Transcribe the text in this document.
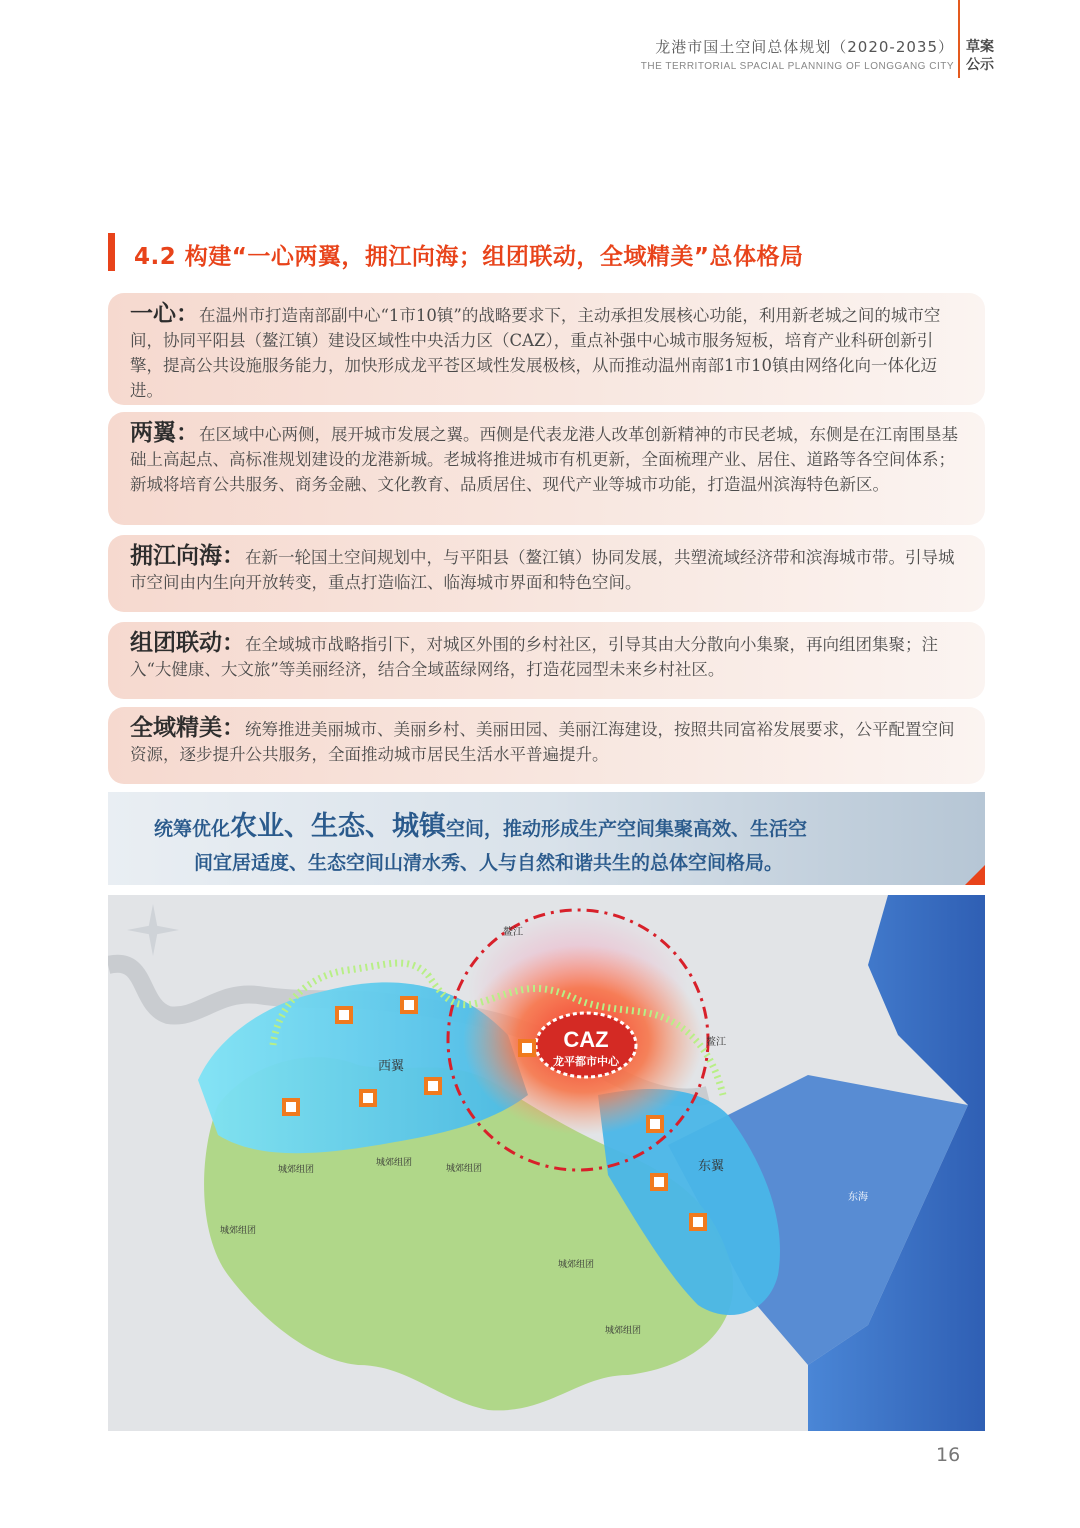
龙港市国土空间总体规划（2020-2035）
THE TERRITORIAL SPACIAL PLANNING OF LONGGANG CITY
草案
公示
4.2 构建“一心两翼，拥江向海；组团联动，全域精美”总体格局

一心：在温州市打造南部副中心“1市10镇”的战略要求下，主动承担发展核心功能，利用新老城之间的城市空间，协同平阳县（鳌江镇）建设区域性中央活力区（CAZ），重点补强中心城市服务短板，培育产业科研创新引擎，提高公共设施服务能力，加快形成龙平苍区域性发展极核，从而推动温州南部1市10镇由网络化向一体化迈进。

两翼：在区域中心两侧，展开城市发展之翼。西侧是代表龙港人改革创新精神的市民老城，东侧是在江南围垦基础上高起点、高标准规划建设的龙港新城。老城将推进城市有机更新，全面梳理产业、居住、道路等各空间体系；新城将培育公共服务、商务金融、文化教育、品质居住、现代产业等城市功能，打造温州滨海特色新区。

拥江向海：在新一轮国土空间规划中，与平阳县（鳌江镇）协同发展，共塑流域经济带和滨海城市带。引导城市空间由内生向开放转变，重点打造临江、临海城市界面和特色空间。

组团联动：在全域城市战略指引下，对城区外围的乡村社区，引导其由大分散向小集聚，再向组团集聚；注入“大健康、大文旅”等美丽经济，结合全域蓝绿网络，打造花园型未来乡村社区。

全域精美：统筹推进美丽城市、美丽乡村、美丽田园、美丽江海建设，按照共同富裕发展要求，公平配置空间资源，逐步提升公共服务，全面推动城市居民生活水平普遍提升。

统筹优化农业、生态、城镇空间，推动形成生产空间集聚高效、生活空
间宜居适度、生态空间山清水秀、人与自然和谐共生的总体空间格局。
CAZ
龙平都市中心
西翼
东翼
东海
鳌江
鳌江
城郊组团
城郊组团
城郊组团
城郊组团
城郊组团
城郊组团
16
